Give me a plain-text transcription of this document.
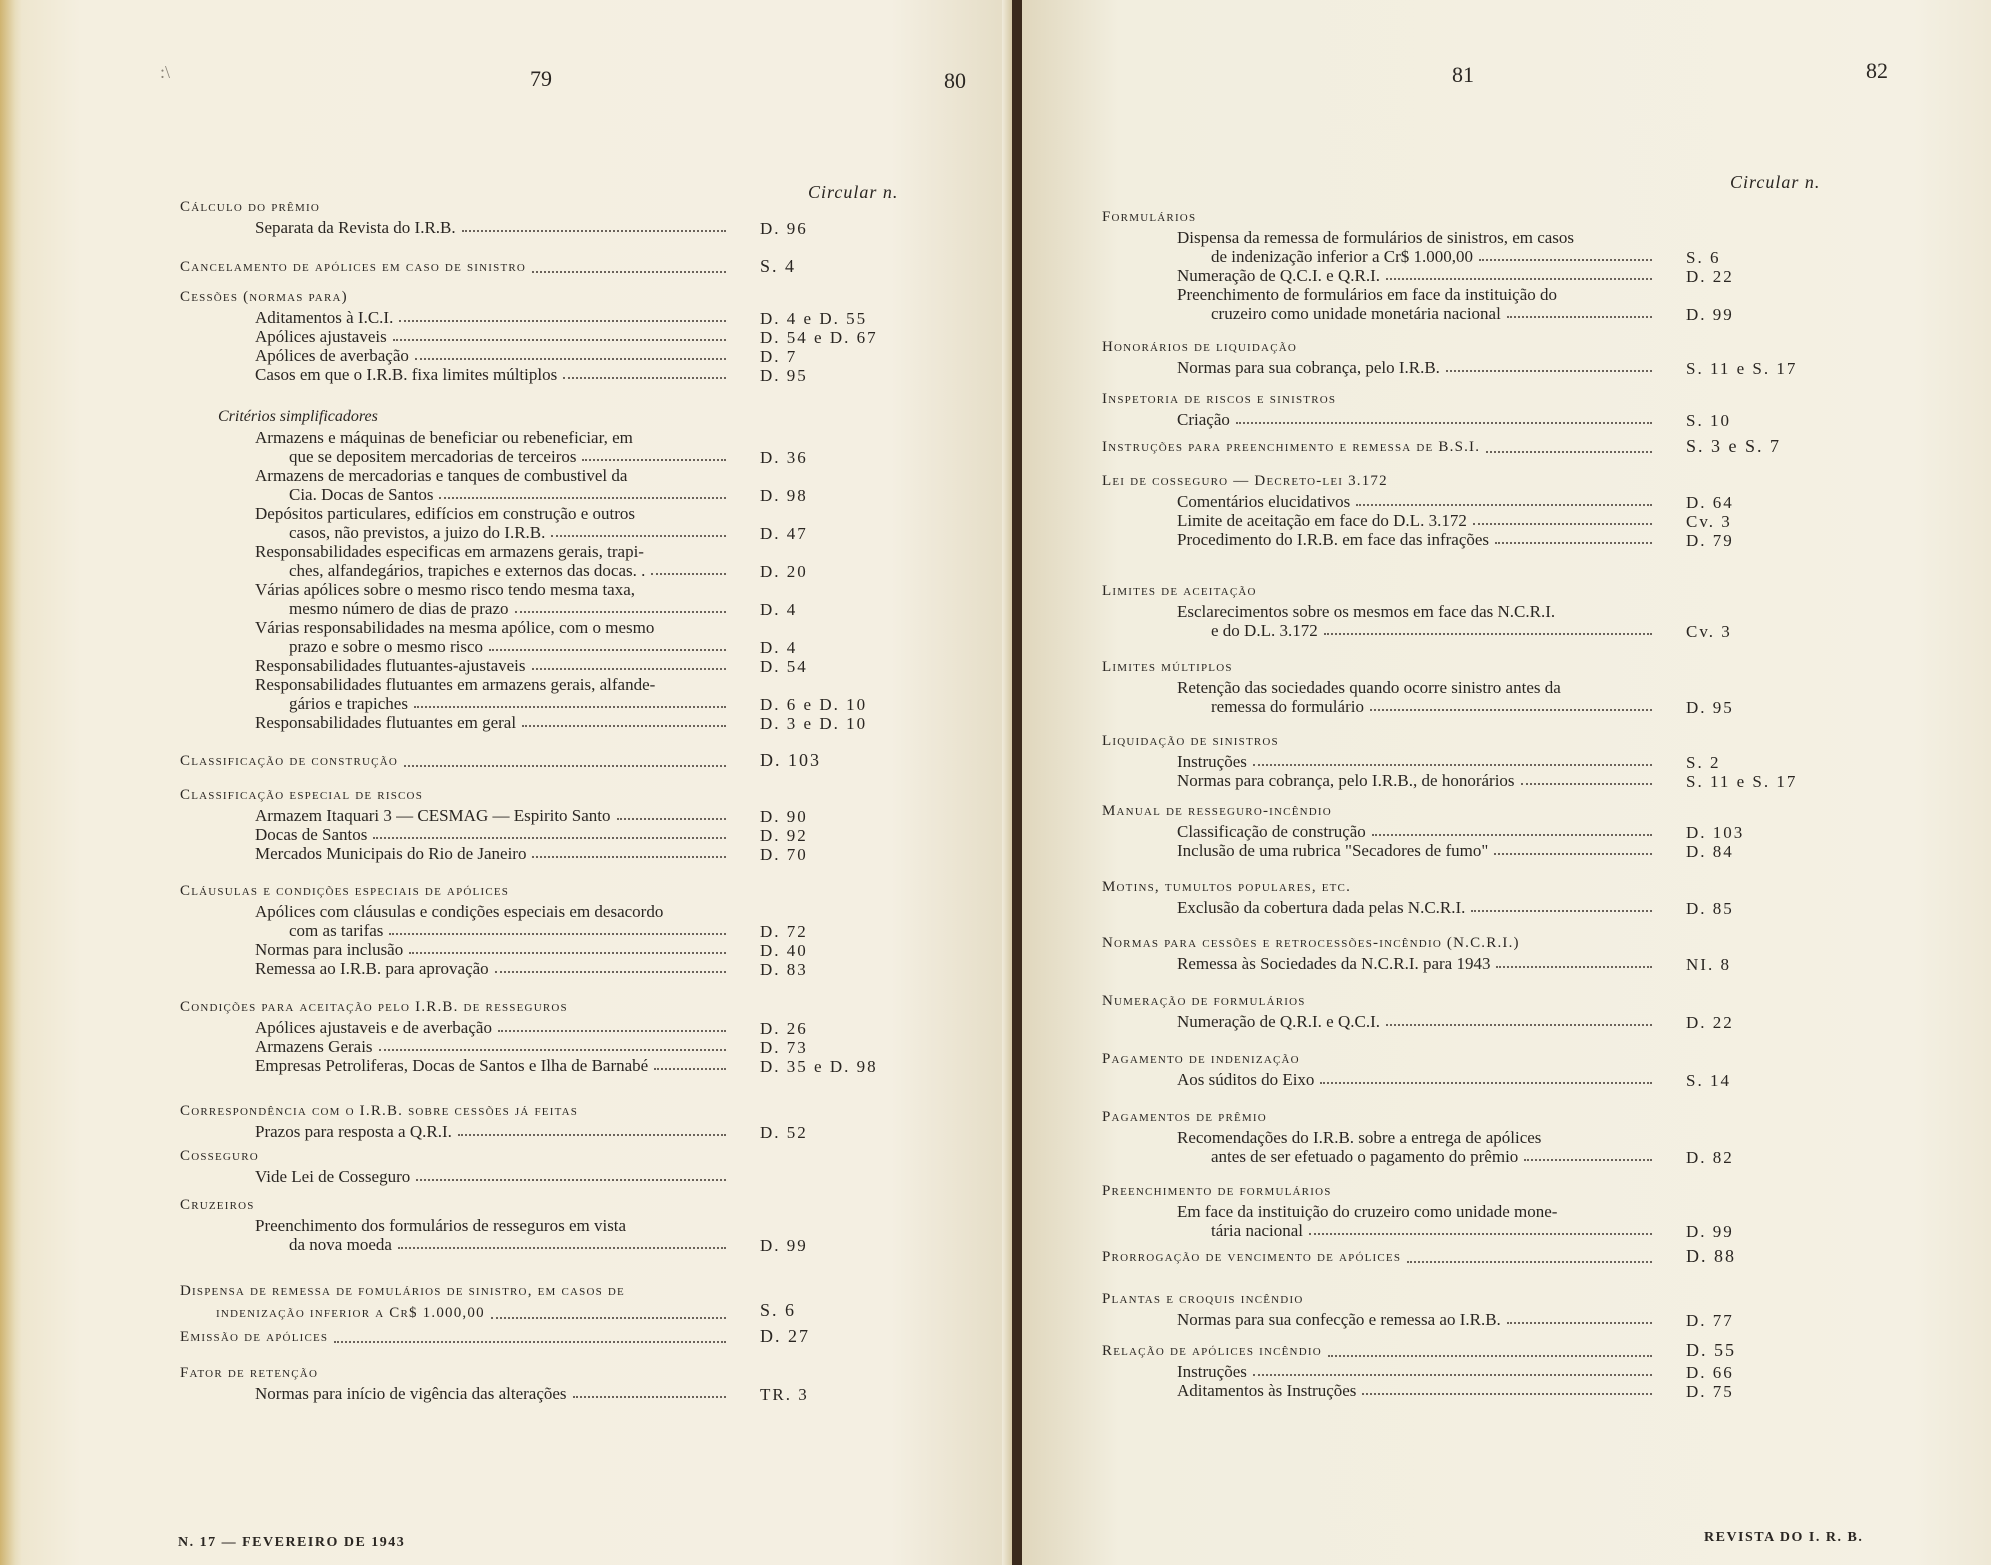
:\	79	80
Circular n.
N. 17 — FEVEREIRO DE 1943
Cálculo do prêmio
Separata da Revista do I.R.B.	D. 96
Cancelamento de apólices em caso de sinistro	S. 4
Cessões (normas para)
Aditamentos à I.C.I.	D. 4 e D. 55
Apólices ajustaveis	D. 54 e D. 67
Apólices de averbação	D. 7
Casos em que o I.R.B. fixa limites múltiplos	D. 95
Critérios simplificadores
Armazens e máquinas de beneficiar ou rebeneficiar, em
que se depositem mercadorias de terceiros	D. 36
Armazens de mercadorias e tanques de combustivel da
Cia. Docas de Santos	D. 98
Depósitos particulares, edifícios em construção e outros
casos, não previstos, a juizo do I.R.B.	D. 47
Responsabilidades especificas em armazens gerais, trapi-
ches, alfandegários, trapiches e externos das docas. .	D. 20
Várias apólices sobre o mesmo risco tendo mesma taxa,
mesmo número de dias de prazo	D. 4
Várias responsabilidades na mesma apólice, com o mesmo
prazo e sobre o mesmo risco	D. 4
Responsabilidades flutuantes-ajustaveis	D. 54
Responsabilidades flutuantes em armazens gerais, alfande-
gários e trapiches	D. 6 e D. 10
Responsabilidades flutuantes em geral	D. 3 e D. 10
Classificação de construção	D. 103
Classificação especial de riscos
Armazem Itaquari 3 — CESMAG — Espirito Santo	D. 90
Docas de Santos	D. 92
Mercados Municipais do Rio de Janeiro	D. 70
Cláusulas e condições especiais de apólices
Apólices com cláusulas e condições especiais em desacordo
com as tarifas	D. 72
Normas para inclusão	D. 40
Remessa ao I.R.B. para aprovação	D. 83
Condições para aceitação pelo I.R.B. de resseguros
Apólices ajustaveis e de averbação	D. 26
Armazens Gerais	D. 73
Empresas Petroliferas, Docas de Santos e Ilha de Barnabé	D. 35 e D. 98
Correspondência com o I.R.B. sobre cessões já feitas
Prazos para resposta a Q.R.I.	D. 52
Cosseguro
Vide Lei de Cosseguro
Cruzeiros
Preenchimento dos formulários de resseguros em vista
da nova moeda	D. 99
Dispensa de remessa de fomulários de sinistro, em casos de
indenização inferior a Cr$ 1.000,00	S. 6
Emissão de apólices	D. 27
Fator de retenção
Normas para início de vigência das alterações	TR. 3
81	82
Circular n.
REVISTA DO I. R. B.
Formulários
Dispensa da remessa de formulários de sinistros, em casos
de indenização inferior a Cr$ 1.000,00	S. 6
Numeração de Q.C.I. e Q.R.I.	D. 22
Preenchimento de formulários em face da instituição do
cruzeiro como unidade monetária nacional	D. 99
Honorários de liquidação
Normas para sua cobrança, pelo I.R.B.	S. 11 e S. 17
Inspetoria de riscos e sinistros
Criação	S. 10
Instruções para preenchimento e remessa de B.S.I.	S. 3 e S. 7
Lei de cosseguro — Decreto-lei 3.172
Comentários elucidativos	D. 64
Limite de aceitação em face do D.L. 3.172	Cv. 3
Procedimento do I.R.B. em face das infrações	D. 79
Limites de aceitação
Esclarecimentos sobre os mesmos em face das N.C.R.I.
e do D.L. 3.172	Cv. 3
Limites múltiplos
Retenção das sociedades quando ocorre sinistro antes da
remessa do formulário	D. 95
Liquidação de sinistros
Instruções	S. 2
Normas para cobrança, pelo I.R.B., de honorários	S. 11 e S. 17
Manual de resseguro-incêndio
Classificação de construção	D. 103
Inclusão de uma rubrica "Secadores de fumo"	D. 84
Motins, tumultos populares, etc.
Exclusão da cobertura dada pelas N.C.R.I.	D. 85
Normas para cessões e retrocessões-incêndio (N.C.R.I.)
Remessa às Sociedades da N.C.R.I. para 1943	NI. 8
Numeração de formulários
Numeração de Q.R.I. e Q.C.I.	D. 22
Pagamento de indenização
Aos súditos do Eixo	S. 14
Pagamentos de prêmio
Recomendações do I.R.B. sobre a entrega de apólices
antes de ser efetuado o pagamento do prêmio	D. 82
Preenchimento de formulários
Em face da instituição do cruzeiro como unidade mone-
tária nacional	D. 99
Prorrogação de vencimento de apólices	D. 88
Plantas e croquis incêndio
Normas para sua confecção e remessa ao I.R.B.	D. 77
Relação de apólices incêndio	D. 55
Instruções	D. 66
Aditamentos às Instruções	D. 75
